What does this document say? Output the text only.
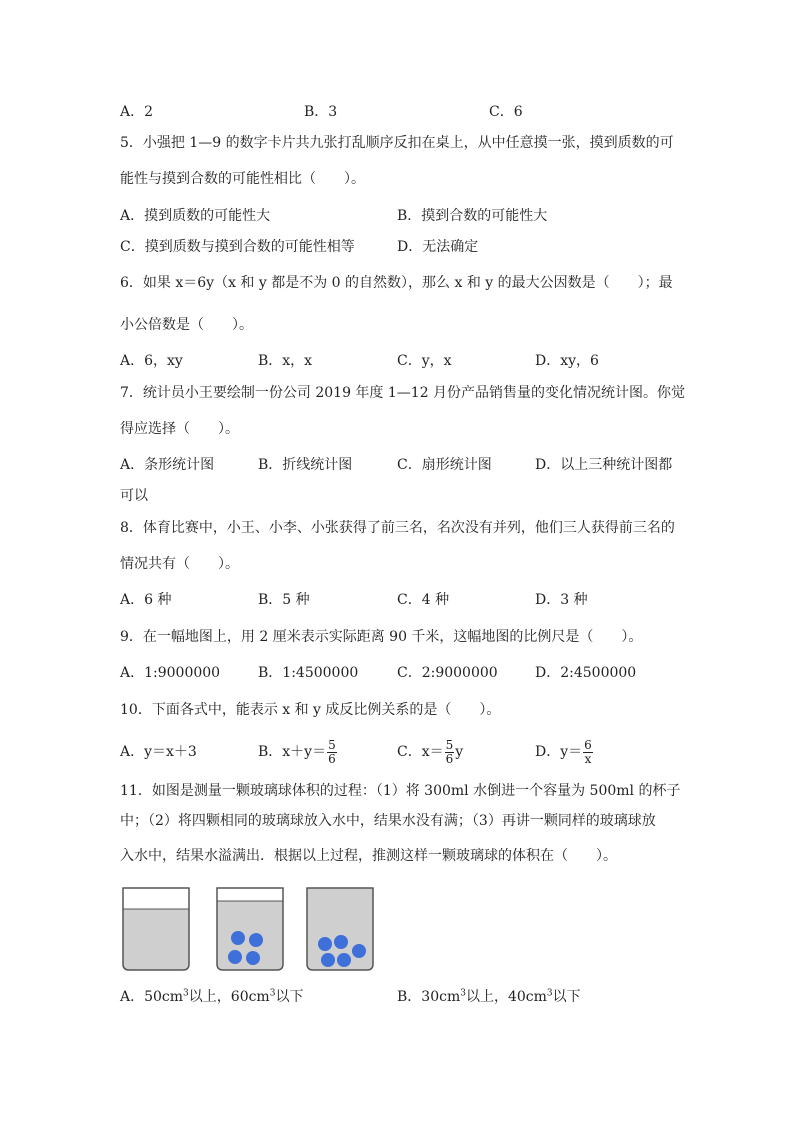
A．2	B．3	C．6
5．小强把 1—9 的数字卡片共九张打乱顺序反扣在桌上，从中任意摸一张，摸到质数的可
能性与摸到合数的可能性相比（　　）。
A．摸到质数的可能性大	B．摸到合数的可能性大
C．摸到质数与摸到合数的可能性相等	D．无法确定
6．如果 x＝6y（x 和 y 都是不为 0 的自然数），那么 x 和 y 的最大公因数是（　　）；最
小公倍数是（　　）。
A．6，xy	B．x，x	C．y，x	D．xy，6
7．统计员小王要绘制一份公司 2019 年度 1—12 月份产品销售量的变化情况统计图。你觉
得应选择（　　）。
A．条形统计图	B．折线统计图	C．扇形统计图	D．以上三种统计图都
可以
8．体育比赛中，小王、小李、小张获得了前三名，名次没有并列，他们三人获得前三名的
情况共有（　　）。
A．6 种	B．5 种	C．4 种	D．3 种
9．在一幅地图上，用 2 厘米表示实际距离 90 千米，这幅地图的比例尺是（　　）。
A．1:9000000	B．1:4500000	C．2:9000000	D．2:4500000
10．下面各式中，能表示 x 和 y 成反比例关系的是（　　）。
A．y＝x＋3	B．$x+y= \frac{5}{6}$	C．$x= \frac{5}{6}$ y	D．$y= \frac{6}{x}$
11．如图是测量一颗玻璃球体积的过程：（1）将 300ml 水倒进一个容量为 500ml 的杯子
中；（2）将四颗相同的玻璃球放入水中，结果水没有满；（3）再讲一颗同样的玻璃球放
入水中，结果水溢满出．根据以上过程，推测这样一颗玻璃球的体积在（　　）。
A．$50cm^3$以上，$60cm^3$以下	B．$30cm^3$以上，$40cm^3$以下
